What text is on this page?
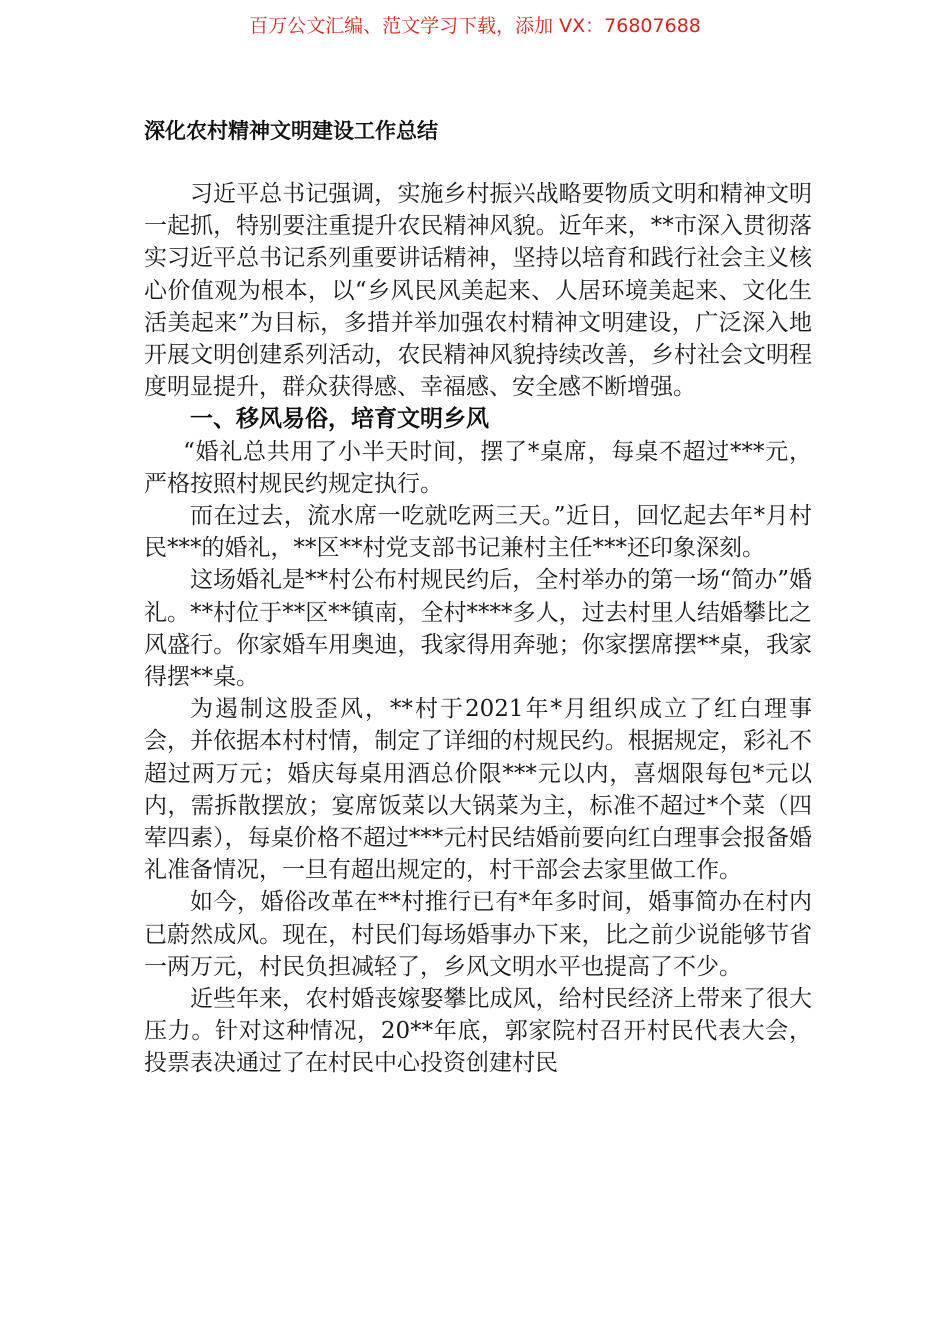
百万公文汇编、范文学习下载，添加 VX：76807688
深化农村精神文明建设工作总结

习近平总书记强调，实施乡村振兴战略要物质文明和精神文明一起抓，特别要注重提升农民精神风貌。近年来，**市深入贯彻落实习近平总书记系列重要讲话精神，坚持以培育和践行社会主义核心价值观为根本，以“乡风民风美起来、人居环境美起来、文化生活美起来”为目标，多措并举加强农村精神文明建设，广泛深入地开展文明创建系列活动，农民精神风貌持续改善，乡村社会文明程度明显提升，群众获得感、幸福感、安全感不断增强。

一、移风易俗，培育文明乡风

“婚礼总共用了小半天时间，摆了*桌席，每桌不超过***元，严格按照村规民约规定执行。

而在过去，流水席一吃就吃两三天。”近日，回忆起去年*月村民***的婚礼，**区**村党支部书记兼村主任***还印象深刻。

这场婚礼是**村公布村规民约后，全村举办的第一场“简办”婚礼。**村位于**区**镇南，全村****多人，过去村里人结婚攀比之风盛行。你家婚车用奥迪，我家得用奔驰；你家摆席摆**桌，我家得摆**桌。

为遏制这股歪风，**村于2021年*月组织成立了红白理事会，并依据本村村情，制定了详细的村规民约。根据规定，彩礼不超过两万元；婚庆每桌用酒总价限***元以内，喜烟限每包*元以内，需拆散摆放；宴席饭菜以大锅菜为主，标准不超过*个菜（四荤四素），每桌价格不超过***元村民结婚前要向红白理事会报备婚礼准备情况，一旦有超出规定的，村干部会去家里做工作。

如今，婚俗改革在**村推行已有*年多时间，婚事简办在村内已蔚然成风。现在，村民们每场婚事办下来，比之前少说能够节省一两万元，村民负担减轻了，乡风文明水平也提高了不少。

近些年来，农村婚丧嫁娶攀比成风，给村民经济上带来了很大压力。针对这种情况，20**年底，郭家院村召开村民代表大会，投票表决通过了在村民中心投资创建村民
